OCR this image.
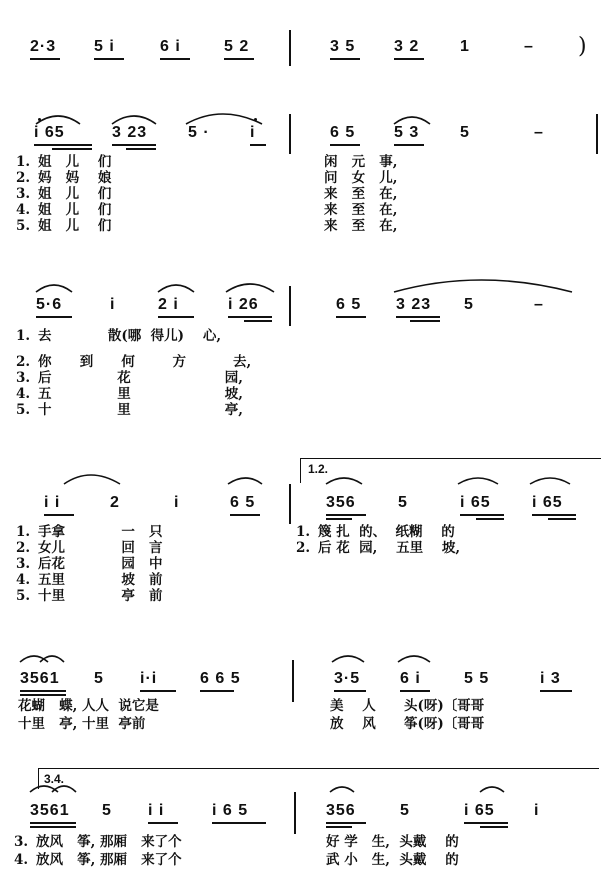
2·3 5 i	6 i	5 2	3 5 3 2	1	– )
i 65	3 23	5 ·	i	6 5 5 3	5	–
1. 姐   儿    们	闲   元   事,
2. 妈   妈    娘	问   女   儿,
3. 姐   儿    们	来   至   在,
4. 姐   儿    们	来   至   在,
5. 姐   儿    们	来   至   在,
5·6	i	2 i	i 26	6 5 3 23 5	–
1. 去            散(哪  得儿)    心,
2. 你      到      何        方          去,
3. 后              花                    园,
4. 五              里                    坡,
5. 十              里                    亭,
1.2.
i i	2	i	6 5	356	5	i 65	i 65
1. 手拿            一   只	1. 篾 扎  的、  纸糊    的
2. 女儿            回   言	2. 后 花  园,    五里    坡,
3. 后花            园   中
4. 五里            坡   前
5. 十里            亭   前
3561 5 i·i	6 6 5	3·5 6 i	5 5	i 3
花蝴   蝶, 人人  说它是	美    人      头(呀)〔哥哥
十里   亭, 十里  亭前	放    风      筝(呀)〔哥哥
3.4.
3561 5 i i	i 6 5	356	5	i 65 i
3. 放风   筝, 那厢   来了个	好 学   生,  头戴    的
4. 放风   筝, 那厢   来了个	武 小   生,  头戴    的
